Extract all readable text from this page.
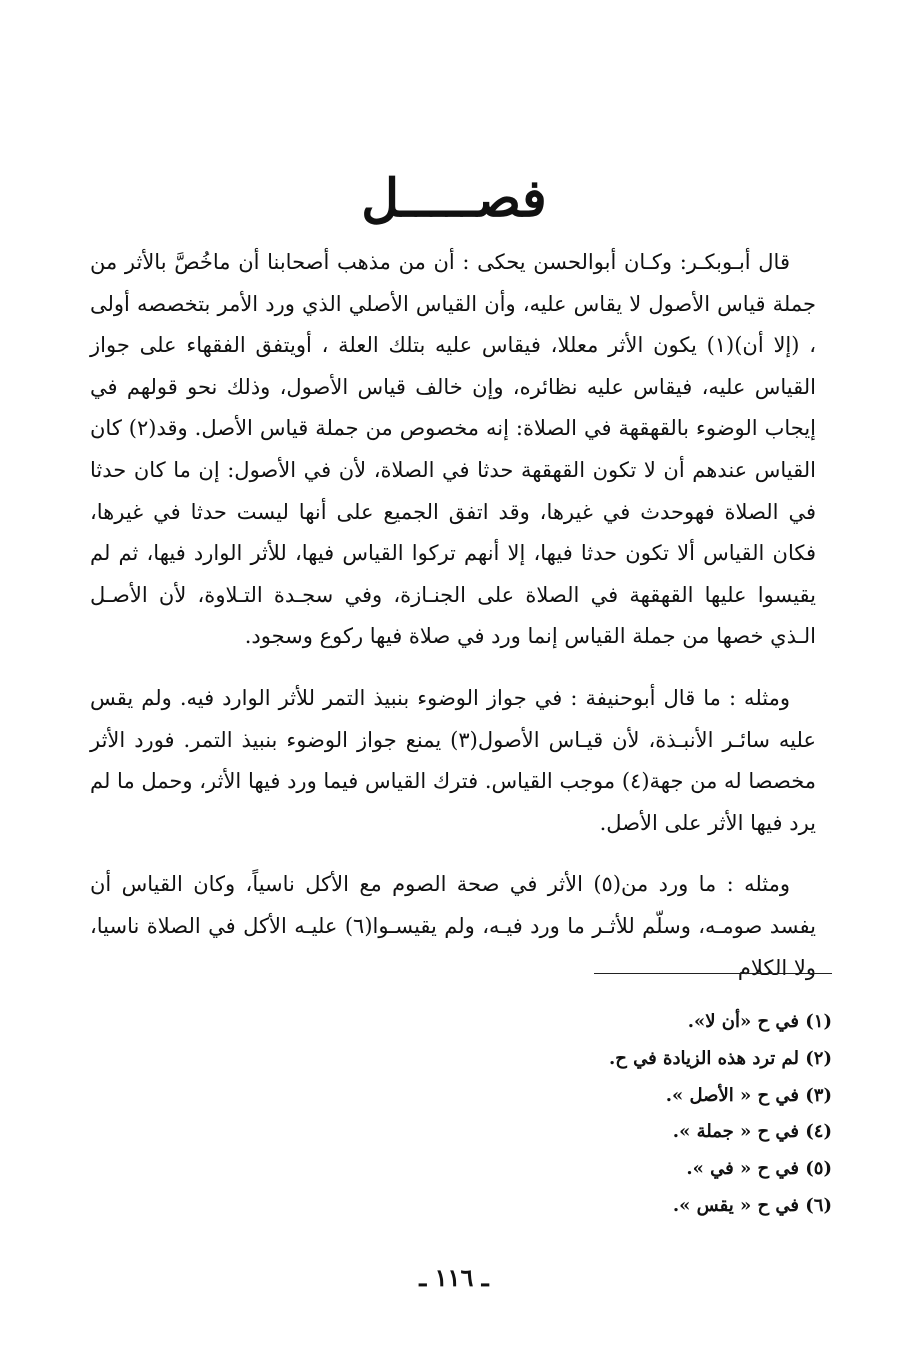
فصـــــل

قال أبـوبكـر: وكـان أبوالحسن يحكى : أن من مذهب أصحابنا أن ماخُصَّ بالأثر من جملة قياس الأصول لا يقاس عليه، وأن القياس الأصلي الذي ورد الأمر بتخصصه أولى ، (إلا أن)(١) يكون الأثر معللا، فيقاس عليه بتلك العلة ، أويتفق الفقهاء على جواز القياس عليه، فيقاس عليه نظائره، وإن خالف قياس الأصول، وذلك نحو قولهم في إيجاب الوضوء بالقهقهة في الصلاة: إنه مخصوص من جملة قياس الأصل. وقد(٢) كان القياس عندهم أن لا تكون القهقهة حدثا في الصلاة، لأن في الأصول: إن ما كان حدثا في الصلاة فهوحدث في غيرها، وقد اتفق الجميع على أنها ليست حدثا في غيرها، فكان القياس ألا تكون حدثا فيها، إلا أنهم تركوا القياس فيها، للأثر الوارد فيها، ثم لم يقيسوا عليها القهقهة في الصلاة على الجنـازة، وفي سجـدة التـلاوة، لأن الأصـل الـذي خصها من جملة القياس إنما ورد في صلاة فيها ركوع وسجود.

ومثله : ما قال أبوحنيفة : في جواز الوضوء بنبيذ التمر للأثر الوارد فيه. ولم يقس عليه سائـر الأنبـذة، لأن قيـاس الأصول(٣) يمنع جواز الوضوء بنبيذ التمر. فورد الأثر مخصصا له من جهة(٤) موجب القياس. فترك القياس فيما ورد فيها الأثر، وحمل ما لم يرد فيها الأثر على الأصل.

ومثله : ما ورد من(٥) الأثر في صحة الصوم مع الأكل ناسياً، وكان القياس أن يفسد صومـه، وسلّم للأثـر ما ورد فيـه، ولم يقيسـوا(٦) عليـه الأكل في الصلاة ناسيا، ولا الكلام

(١) في ح «أن لا».
(٢) لم ترد هذه الزيادة في ح.
(٣) في ح « الأصل ».
(٤) في ح « جملة ».
(٥) في ح « في ».
(٦) في ح « يقس ».
ـ ١١٦ ـ
